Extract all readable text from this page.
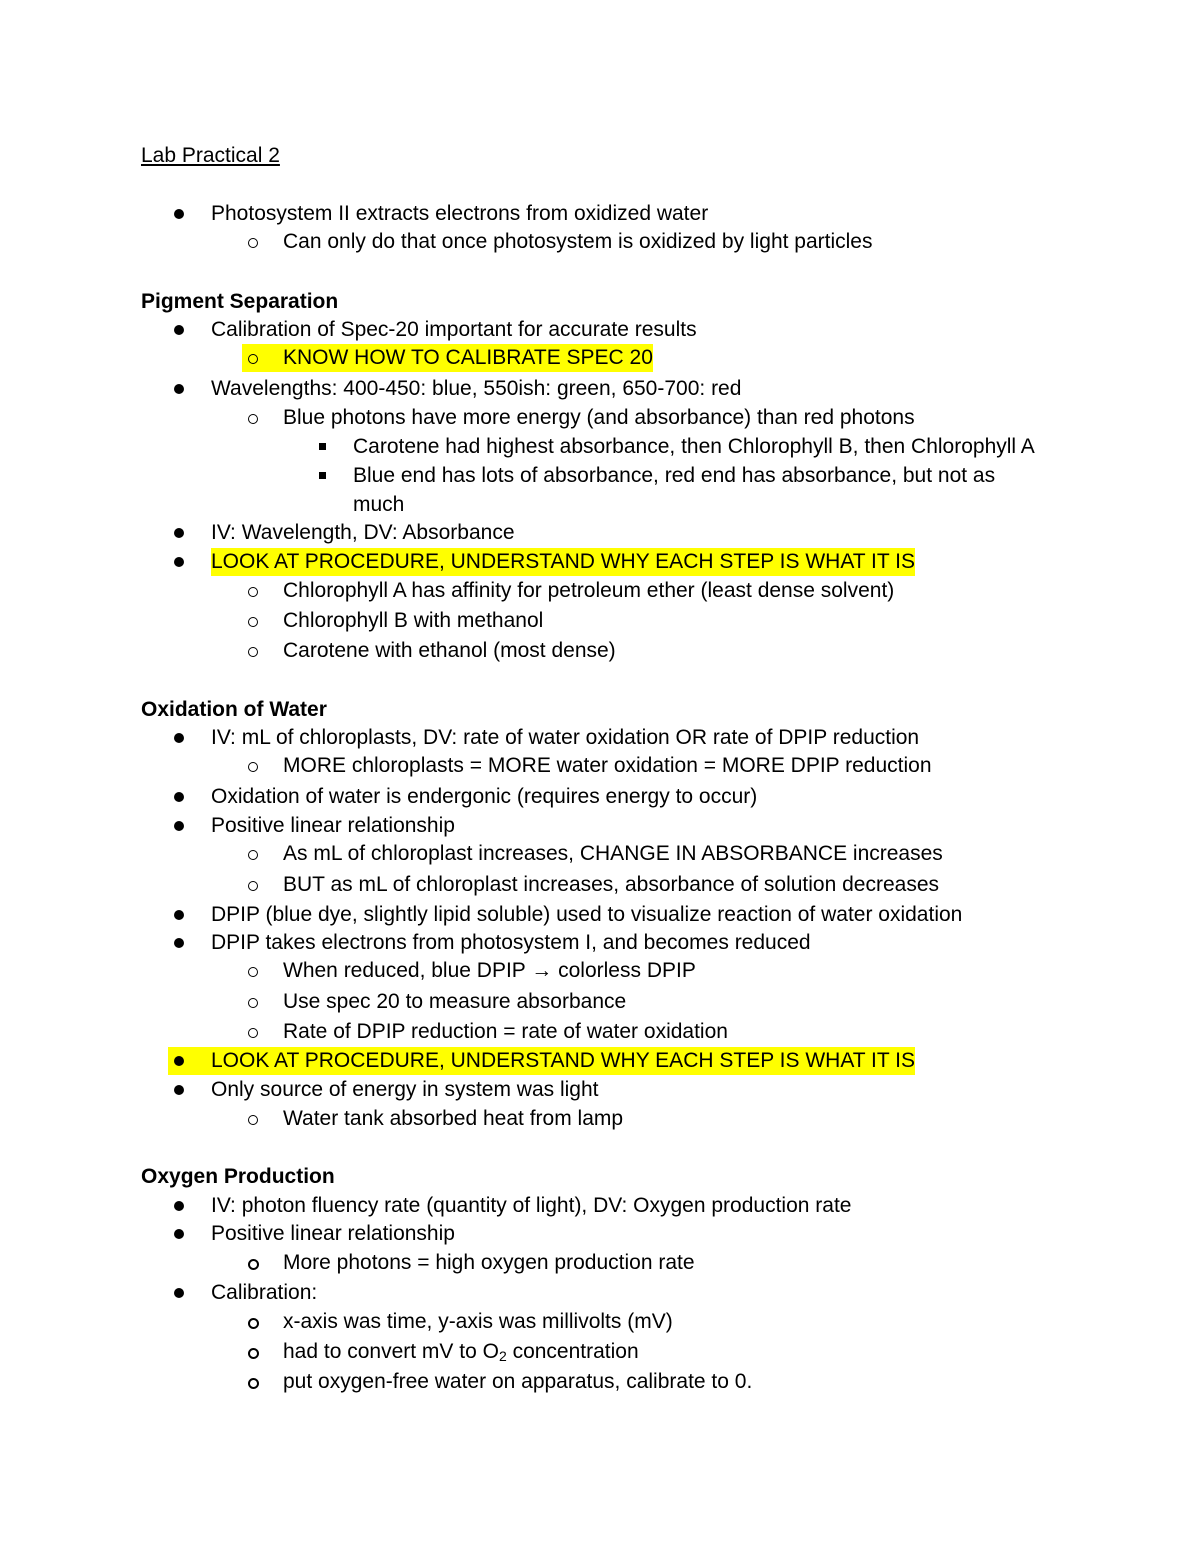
Lab Practical 2
Photosystem II extracts electrons from oxidized water
Can only do that once photosystem is oxidized by light particles
Pigment Separation
Calibration of Spec-20 important for accurate results
KNOW HOW TO CALIBRATE SPEC 20
Wavelengths: 400-450: blue, 550ish: green, 650-700: red
Blue photons have more energy (and absorbance) than red photons
Carotene had highest absorbance, then Chlorophyll B, then Chlorophyll A
Blue end has lots of absorbance, red end has absorbance, but not as
much
IV: Wavelength, DV: Absorbance
LOOK AT PROCEDURE, UNDERSTAND WHY EACH STEP IS WHAT IT IS
Chlorophyll A has affinity for petroleum ether (least dense solvent)
Chlorophyll B with methanol
Carotene with ethanol (most dense)
Oxidation of Water
IV: mL of chloroplasts, DV: rate of water oxidation OR rate of DPIP reduction
MORE chloroplasts = MORE water oxidation = MORE DPIP reduction
Oxidation of water is endergonic (requires energy to occur)
Positive linear relationship
As mL of chloroplast increases, CHANGE IN ABSORBANCE increases
BUT as mL of chloroplast increases, absorbance of solution decreases
DPIP (blue dye, slightly lipid soluble) used to visualize reaction of water oxidation
DPIP takes electrons from photosystem I, and becomes reduced
When reduced, blue DPIP → colorless DPIP
Use spec 20 to measure absorbance
Rate of DPIP reduction = rate of water oxidation
LOOK AT PROCEDURE, UNDERSTAND WHY EACH STEP IS WHAT IT IS
Only source of energy in system was light
Water tank absorbed heat from lamp
Oxygen Production
IV: photon fluency rate (quantity of light), DV: Oxygen production rate
Positive linear relationship
More photons = high oxygen production rate
Calibration:
x-axis was time, y-axis was millivolts (mV)
had to convert mV to $O_2$ concentration
put oxygen-free water on apparatus, calibrate to 0.
